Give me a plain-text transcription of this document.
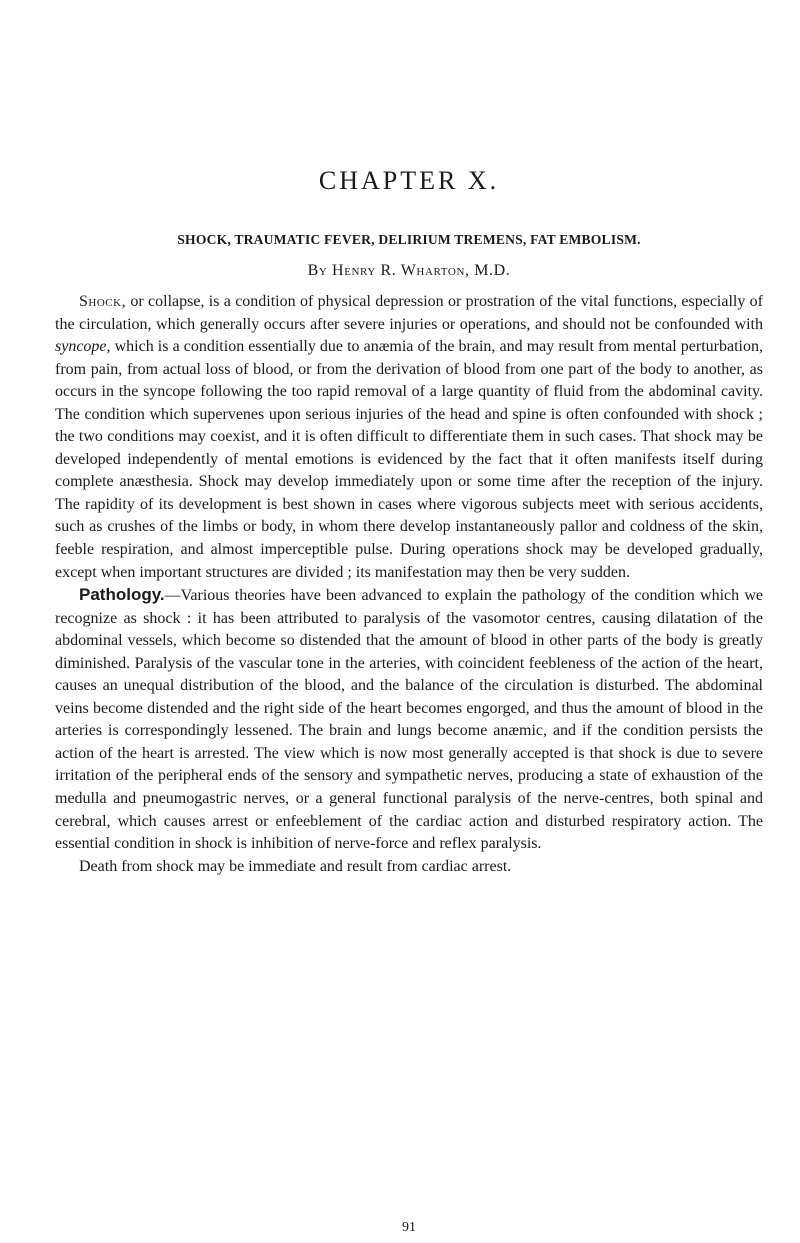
CHAPTER X.
SHOCK, TRAUMATIC FEVER, DELIRIUM TREMENS, FAT EMBOLISM.
By Henry R. Wharton, M.D.

Shock, or collapse, is a condition of physical depression or prostration of the vital functions, especially of the circulation, which generally occurs after severe injuries or operations, and should not be confounded with syncope, which is a condition essentially due to anæmia of the brain, and may result from mental perturbation, from pain, from actual loss of blood, or from the derivation of blood from one part of the body to another, as occurs in the syncope following the too rapid removal of a large quantity of fluid from the abdominal cavity. The condition which supervenes upon serious injuries of the head and spine is often confounded with shock ; the two conditions may coexist, and it is often difficult to differentiate them in such cases. That shock may be developed independently of mental emotions is evidenced by the fact that it often manifests itself during complete anæsthesia. Shock may develop immediately upon or some time after the reception of the injury. The rapidity of its development is best shown in cases where vigorous subjects meet with serious accidents, such as crushes of the limbs or body, in whom there develop instantaneously pallor and coldness of the skin, feeble respiration, and almost imperceptible pulse. During operations shock may be developed gradually, except when important structures are divided ; its manifestation may then be very sudden.

Pathology.—Various theories have been advanced to explain the pathology of the condition which we recognize as shock : it has been attributed to paralysis of the vasomotor centres, causing dilatation of the abdominal vessels, which become so distended that the amount of blood in other parts of the body is greatly diminished. Paralysis of the vascular tone in the arteries, with coincident feebleness of the action of the heart, causes an unequal distribution of the blood, and the balance of the circulation is disturbed. The abdominal veins become distended and the right side of the heart becomes engorged, and thus the amount of blood in the arteries is correspondingly lessened. The brain and lungs become anæmic, and if the condition persists the action of the heart is arrested. The view which is now most generally accepted is that shock is due to severe irritation of the peripheral ends of the sensory and sympathetic nerves, producing a state of exhaustion of the medulla and pneumogastric nerves, or a general functional paralysis of the nerve-centres, both spinal and cerebral, which causes arrest or enfeeblement of the cardiac action and disturbed respiratory action. The essential condition in shock is inhibition of nerve-force and reflex paralysis.

Death from shock may be immediate and result from cardiac arrest.

91
